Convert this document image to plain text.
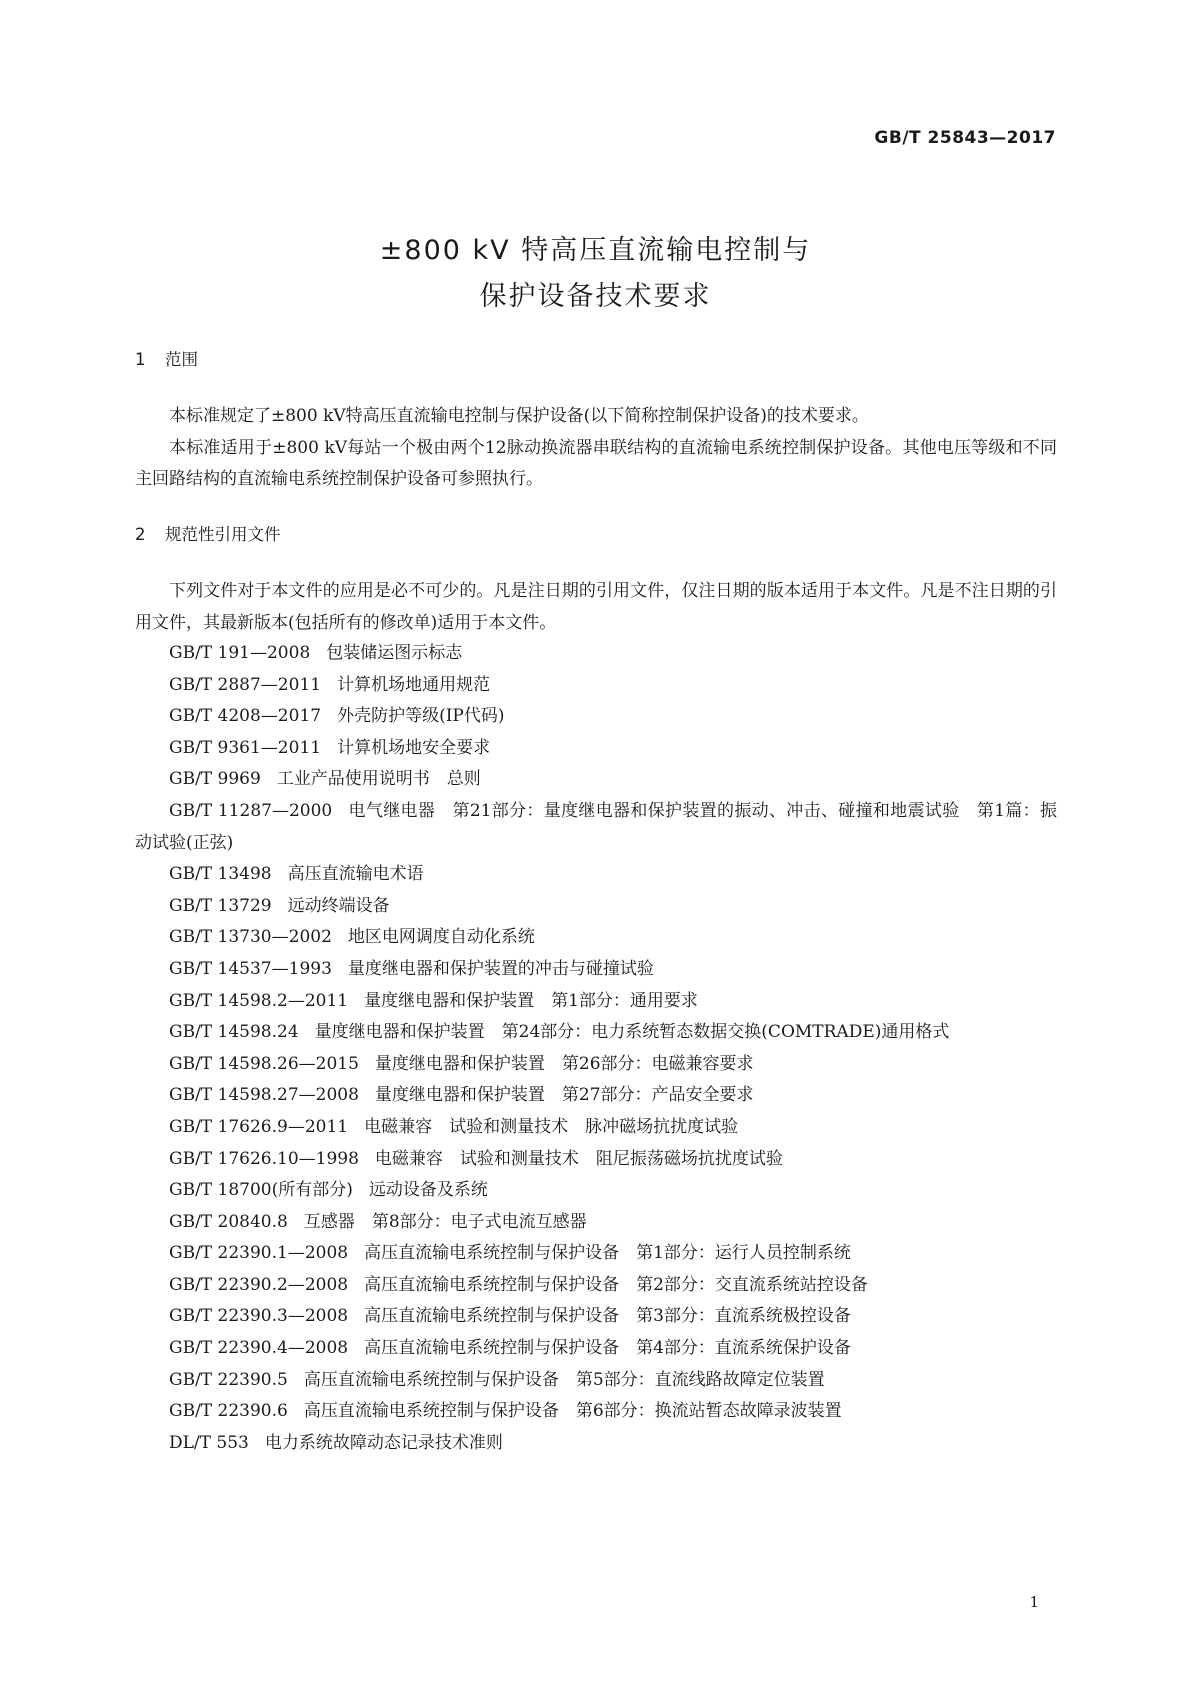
GB/T 25843—2017
±800 kV 特高压直流输电控制与
保护设备技术要求
1 范围

本标准规定了±800 kV特高压直流输电控制与保护设备(以下简称控制保护设备)的技术要求。

本标准适用于±800 kV每站一个极由两个12脉动换流器串联结构的直流输电系统控制保护设备。其他电压等级和不同主回路结构的直流输电系统控制保护设备可参照执行。

2 规范性引用文件

下列文件对于本文件的应用是必不可少的。凡是注日期的引用文件，仅注日期的版本适用于本文件。凡是不注日期的引用文件，其最新版本(包括所有的修改单)适用于本文件。

GB/T 191—2008 包装储运图示标志

GB/T 2887—2011 计算机场地通用规范

GB/T 4208—2017 外壳防护等级(IP代码)

GB/T 9361—2011 计算机场地安全要求

GB/T 9969 工业产品使用说明书　总则

GB/T 11287—2000 电气继电器　第21部分：量度继电器和保护装置的振动、冲击、碰撞和地震试验　第1篇：振动试验(正弦)

GB/T 13498 高压直流输电术语

GB/T 13729 远动终端设备

GB/T 13730—2002 地区电网调度自动化系统

GB/T 14537—1993 量度继电器和保护装置的冲击与碰撞试验

GB/T 14598.2—2011 量度继电器和保护装置　第1部分：通用要求

GB/T 14598.24 量度继电器和保护装置　第24部分：电力系统暂态数据交换(COMTRADE)通用格式

GB/T 14598.26—2015 量度继电器和保护装置　第26部分：电磁兼容要求

GB/T 14598.27—2008 量度继电器和保护装置　第27部分：产品安全要求

GB/T 17626.9—2011 电磁兼容　试验和测量技术　脉冲磁场抗扰度试验

GB/T 17626.10—1998 电磁兼容　试验和测量技术　阻尼振荡磁场抗扰度试验

GB/T 18700(所有部分) 远动设备及系统

GB/T 20840.8 互感器　第8部分：电子式电流互感器

GB/T 22390.1—2008 高压直流输电系统控制与保护设备　第1部分：运行人员控制系统

GB/T 22390.2—2008 高压直流输电系统控制与保护设备　第2部分：交直流系统站控设备

GB/T 22390.3—2008 高压直流输电系统控制与保护设备　第3部分：直流系统极控设备

GB/T 22390.4—2008 高压直流输电系统控制与保护设备　第4部分：直流系统保护设备

GB/T 22390.5 高压直流输电系统控制与保护设备　第5部分：直流线路故障定位装置

GB/T 22390.6 高压直流输电系统控制与保护设备　第6部分：换流站暂态故障录波装置

DL/T 553 电力系统故障动态记录技术准则

1
